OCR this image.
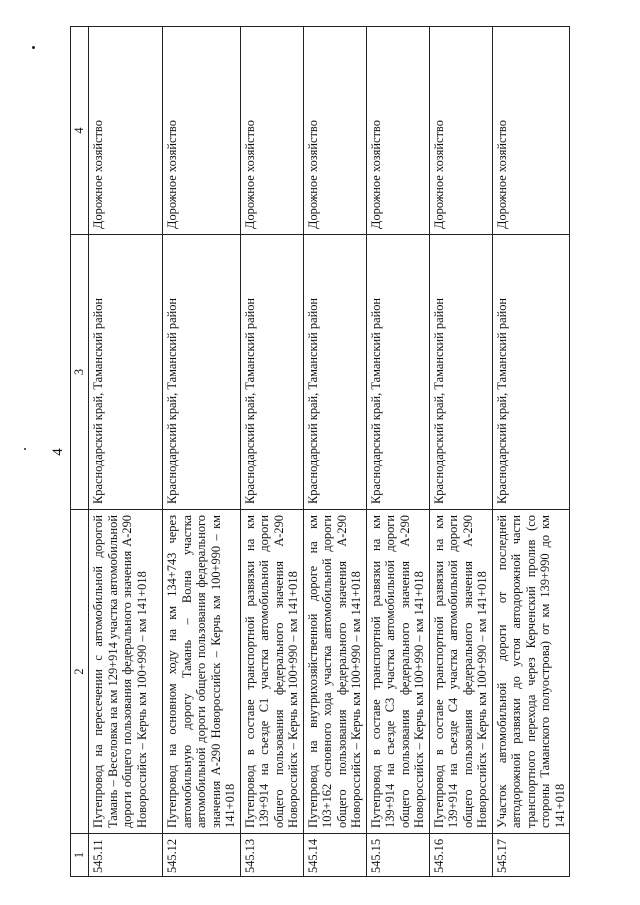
4
1	2	3	4
545.11	Путепровод на пересечении с автомобильной дорогой Тамань – Веселовка на км 129+914 участка автомобильной дороги общего пользования федерального значения А-290 Новороссийск – Керчь км 100+990 – км 141+018	Краснодарский край, Таманский район	Дорожное хозяйство
545.12	Путепровод на основном ходу на км 134+743 через автомобильную дорогу Тамань – Волна участка автомобильной дороги общего пользования федерального значения А-290 Новороссийск – Керчь км 100+990 – км 141+018	Краснодарский край, Таманский район	Дорожное хозяйство
545.13	Путепровод в составе транспортной развязки на км 139+914 на съезде С1 участка автомобильной дороги общего пользования федерального значения А-290 Новороссийск – Керчь км 100+990 – км 141+018	Краснодарский край, Таманский район	Дорожное хозяйство
545.14	Путепровод на внутрихозяйственной дороге на км 103+162 основного хода участка автомобильной дороги общего пользования федерального значения А-290 Новороссийск – Керчь км 100+990 – км 141+018	Краснодарский край, Таманский район	Дорожное хозяйство
545.15	Путепровод в составе транспортной развязки на км 139+914 на съезде С3 участка автомобильной дороги общего пользования федерального значения А-290 Новороссийск – Керчь км 100+990 – км 141+018	Краснодарский край, Таманский район	Дорожное хозяйство
545.16	Путепровод в составе транспортной развязки на км 139+914 на съезде С4 участка автомобильной дороги общего пользования федерального значения А-290 Новороссийск – Керчь км 100+990 – км 141+018	Краснодарский край, Таманский район	Дорожное хозяйство
545.17	Участок автомобильной дороги от последней автодорожной развязки до устоя автодорожной части транспортного перехода через Керченский пролив (со стороны Таманского полуострова) от км 139+990 до км 141+018	Краснодарский край, Таманский район	Дорожное хозяйство
